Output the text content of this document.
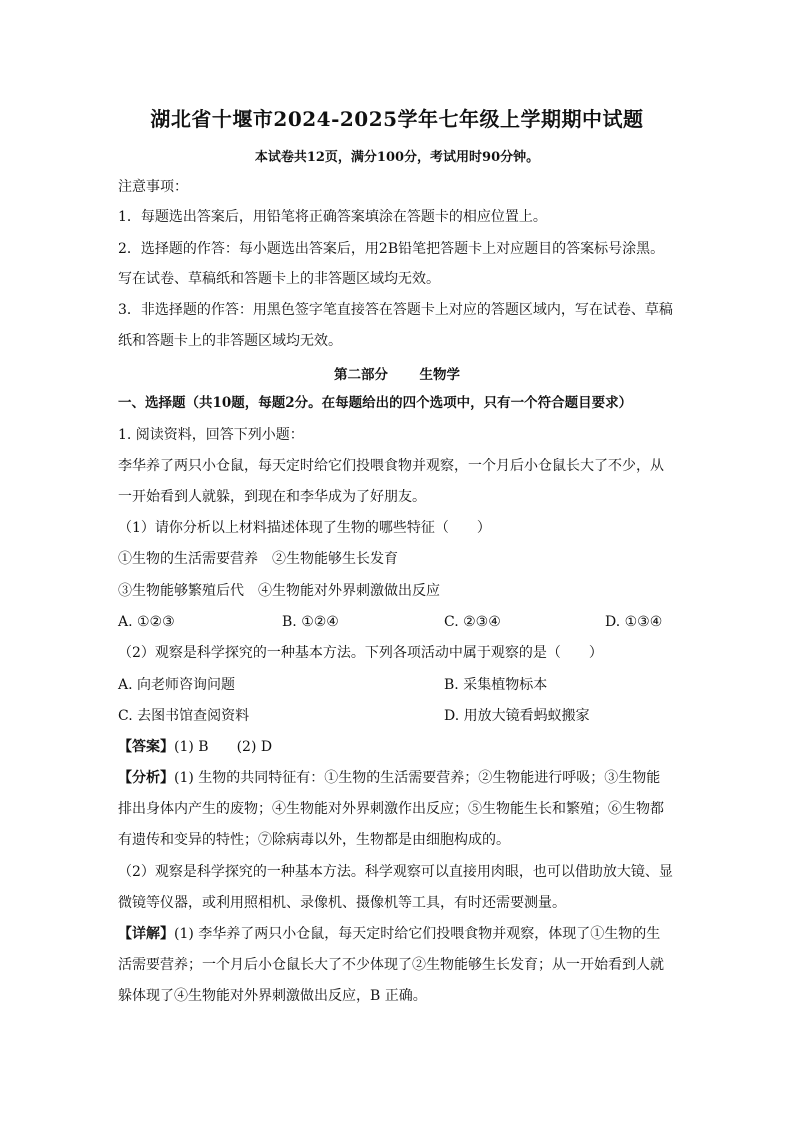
湖北省十堰市2024-2025学年七年级上学期期中试题
本试卷共12页，满分100分，考试用时90分钟。
注意事项：
1．每题选出答案后，用铅笔将正确答案填涂在答题卡的相应位置上。
2．选择题的作答：每小题选出答案后，用2B铅笔把答题卡上对应题目的答案标号涂黑。
写在试卷、草稿纸和答题卡上的非答题区域均无效。
3．非选择题的作答：用黑色签字笔直接答在答题卡上对应的答题区域内，写在试卷、草稿
纸和答题卡上的非答题区域均无效。
第二部分 生物学
一、选择题（共10题，每题2分。在每题给出的四个选项中，只有一个符合题目要求）
1. 阅读资料，回答下列小题：
李华养了两只小仓鼠，每天定时给它们投喂食物并观察，一个月后小仓鼠长大了不少，从
一开始看到人就躲，到现在和李华成为了好朋友。
（1）请你分析以上材料描述体现了生物的哪些特征（　　）
①生物的生活需要营养　②生物能够生长发育
③生物能够繁殖后代　④生物能对外界刺激做出反应
A. ①②③	B. ①②④	C. ②③④	D. ①③④
（2）观察是科学探究的一种基本方法。下列各项活动中属于观察的是（　　）
A. 向老师咨询问题	B. 采集植物标本
C. 去图书馆查阅资料	D. 用放大镜看蚂蚁搬家
【答案】(1) B　　(2) D
【分析】(1) 生物的共同特征有：①生物的生活需要营养；②生物能进行呼吸；③生物能
排出身体内产生的废物；④生物能对外界刺激作出反应；⑤生物能生长和繁殖；⑥生物都
有遗传和变异的特性；⑦除病毒以外，生物都是由细胞构成的。
（2）观察是科学探究的一种基本方法。科学观察可以直接用肉眼，也可以借助放大镜、显
微镜等仪器，或利用照相机、录像机、摄像机等工具，有时还需要测量。
【详解】(1) 李华养了两只小仓鼠，每天定时给它们投喂食物并观察，体现了①生物的生
活需要营养；一个月后小仓鼠长大了不少体现了②生物能够生长发育；从一开始看到人就
躲体现了④生物能对外界刺激做出反应，B 正确。
